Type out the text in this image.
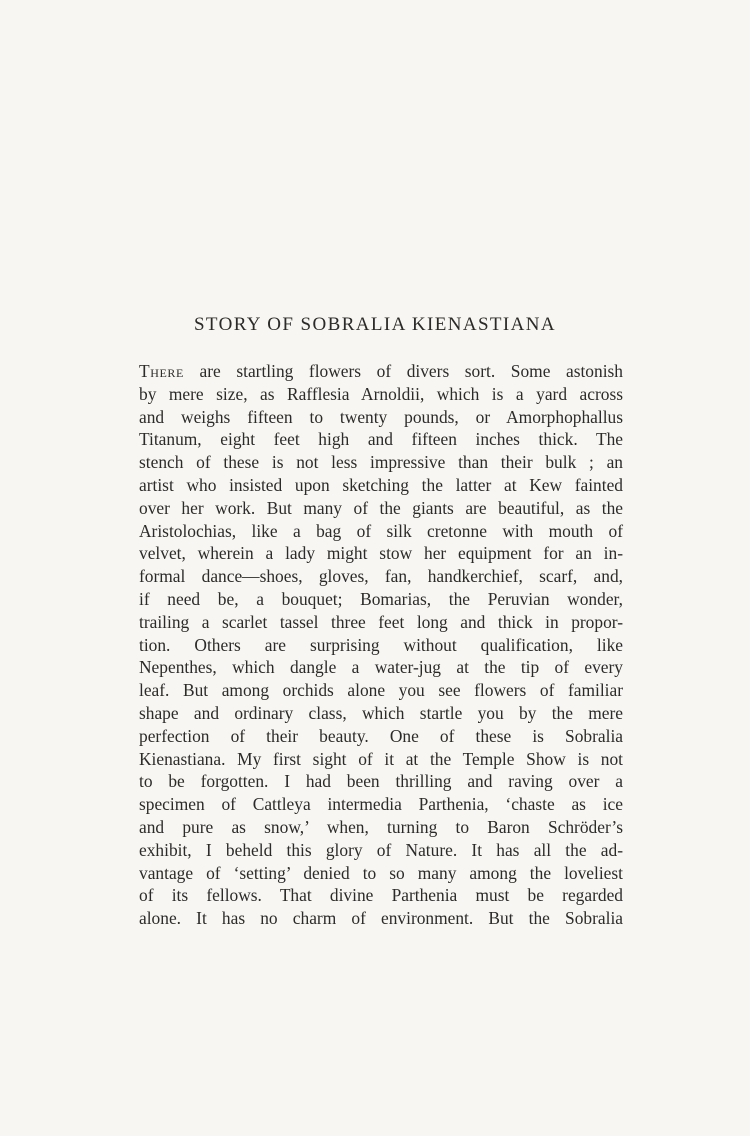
STORY OF SOBRALIA KIENASTIANA
There are startling flowers of divers sort. Some astonish
by mere size, as Rafflesia Arnoldii, which is a yard across
and weighs fifteen to twenty pounds, or Amorphophallus
Titanum, eight feet high and fifteen inches thick. The
stench of these is not less impressive than their bulk ; an
artist who insisted upon sketching the latter at Kew fainted
over her work. But many of the giants are beautiful, as the
Aristolochias, like a bag of silk cretonne with mouth of
velvet, wherein a lady might stow her equipment for an in-
formal dance—shoes, gloves, fan, handkerchief, scarf, and,
if need be, a bouquet; Bomarias, the Peruvian wonder,
trailing a scarlet tassel three feet long and thick in propor-
tion. Others are surprising without qualification, like
Nepenthes, which dangle a water-jug at the tip of every
leaf. But among orchids alone you see flowers of familiar
shape and ordinary class, which startle you by the mere
perfection of their beauty. One of these is Sobralia
Kienastiana. My first sight of it at the Temple Show is not
to be forgotten. I had been thrilling and raving over a
specimen of Cattleya intermedia Parthenia, ‘chaste as ice
and pure as snow,’ when, turning to Baron Schröder’s
exhibit, I beheld this glory of Nature. It has all the ad-
vantage of ‘setting’ denied to so many among the loveliest
of its fellows. That divine Parthenia must be regarded
alone. It has no charm of environment. But the Sobralia
